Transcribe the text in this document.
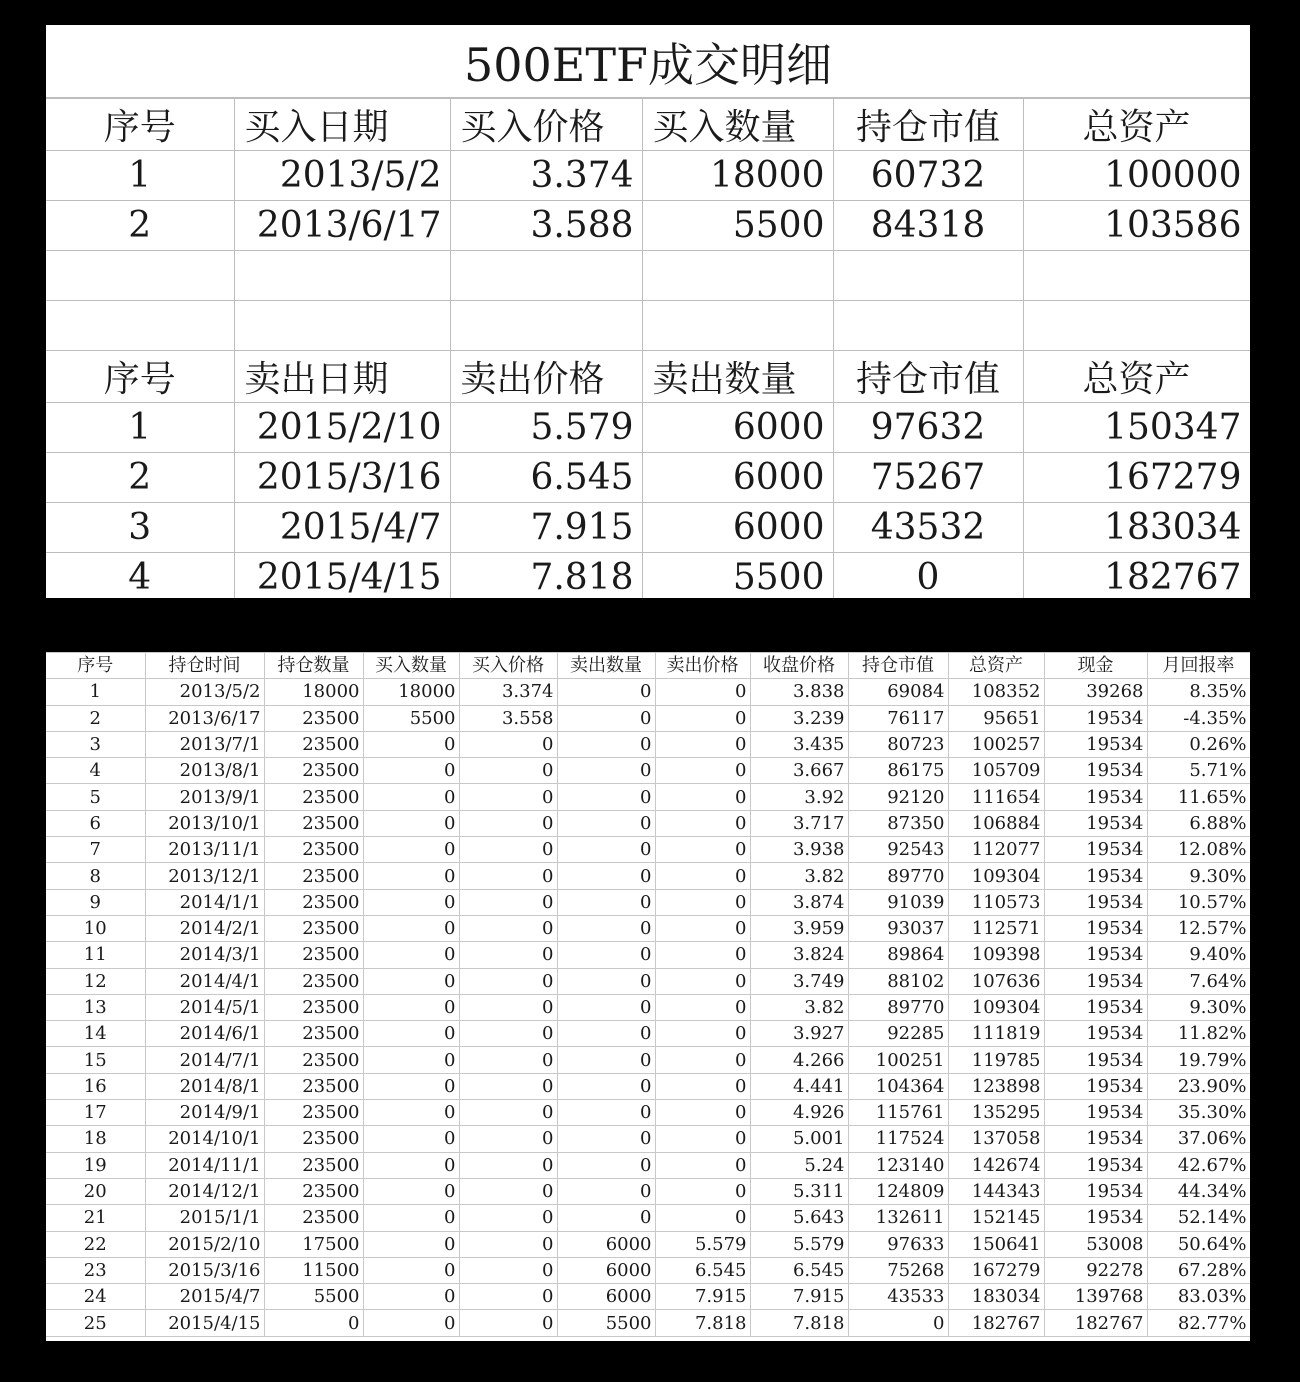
500ETF成交明细
序号	买入日期	买入价格	买入数量	持仓市值	总资产
1	2013/5/2	3.374	18000	60732	100000
2	2013/6/17	3.588	5500	84318	103586

序号	卖出日期	卖出价格	卖出数量	持仓市值	总资产
1	2015/2/10	5.579	6000	97632	150347
2	2015/3/16	6.545	6000	75267	167279
3	2015/4/7	7.915	6000	43532	183034
4	2015/4/15	7.818	5500	0	182767
序号	持仓时间	持仓数量	买入数量	买入价格	卖出数量	卖出价格	收盘价格	持仓市值	总资产	现金	月回报率
1	2013/5/2	18000	18000	3.374	0	0	3.838	69084	108352	39268	8.35%
2	2013/6/17	23500	5500	3.558	0	0	3.239	76117	95651	19534	-4.35%
3	2013/7/1	23500	0	0	0	0	3.435	80723	100257	19534	0.26%
4	2013/8/1	23500	0	0	0	0	3.667	86175	105709	19534	5.71%
5	2013/9/1	23500	0	0	0	0	3.92	92120	111654	19534	11.65%
6	2013/10/1	23500	0	0	0	0	3.717	87350	106884	19534	6.88%
7	2013/11/1	23500	0	0	0	0	3.938	92543	112077	19534	12.08%
8	2013/12/1	23500	0	0	0	0	3.82	89770	109304	19534	9.30%
9	2014/1/1	23500	0	0	0	0	3.874	91039	110573	19534	10.57%
10	2014/2/1	23500	0	0	0	0	3.959	93037	112571	19534	12.57%
11	2014/3/1	23500	0	0	0	0	3.824	89864	109398	19534	9.40%
12	2014/4/1	23500	0	0	0	0	3.749	88102	107636	19534	7.64%
13	2014/5/1	23500	0	0	0	0	3.82	89770	109304	19534	9.30%
14	2014/6/1	23500	0	0	0	0	3.927	92285	111819	19534	11.82%
15	2014/7/1	23500	0	0	0	0	4.266	100251	119785	19534	19.79%
16	2014/8/1	23500	0	0	0	0	4.441	104364	123898	19534	23.90%
17	2014/9/1	23500	0	0	0	0	4.926	115761	135295	19534	35.30%
18	2014/10/1	23500	0	0	0	0	5.001	117524	137058	19534	37.06%
19	2014/11/1	23500	0	0	0	0	5.24	123140	142674	19534	42.67%
20	2014/12/1	23500	0	0	0	0	5.311	124809	144343	19534	44.34%
21	2015/1/1	23500	0	0	0	0	5.643	132611	152145	19534	52.14%
22	2015/2/10	17500	0	0	6000	5.579	5.579	97633	150641	53008	50.64%
23	2015/3/16	11500	0	0	6000	6.545	6.545	75268	167279	92278	67.28%
24	2015/4/7	5500	0	0	6000	7.915	7.915	43533	183034	139768	83.03%
25	2015/4/15	0	0	0	5500	7.818	7.818	0	182767	182767	82.77%
